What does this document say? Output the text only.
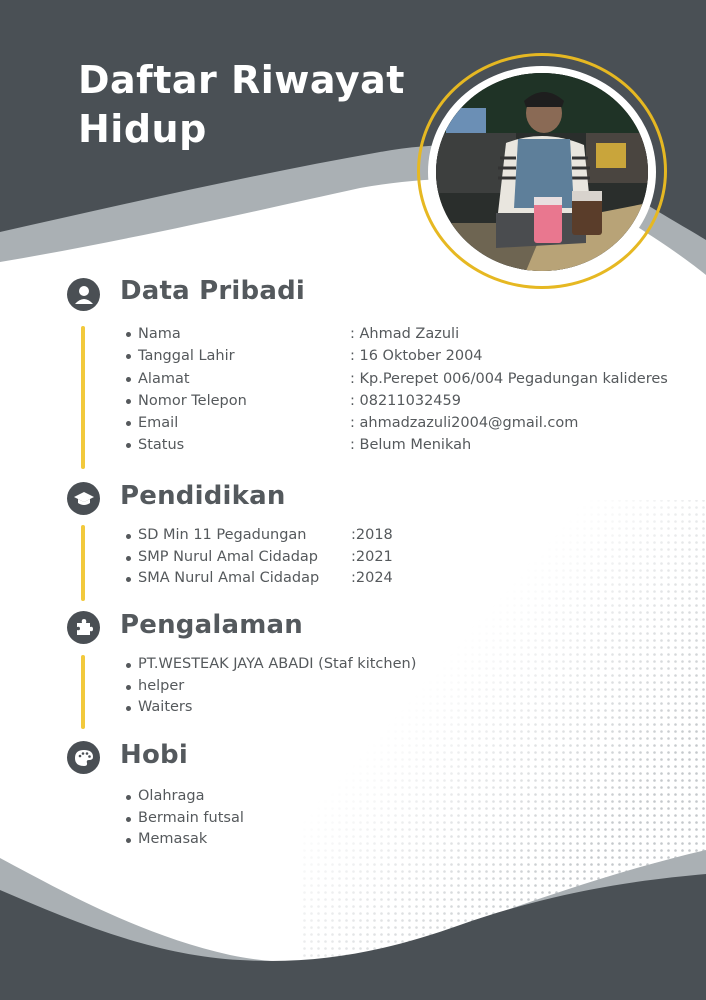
Daftar Riwayat
Hidup
Data Pribadi
Nama
Tanggal Lahir
Alamat
Nomor Telepon
Email
Status
: Ahmad Zazuli
: 16 Oktober 2004
: Kp.Perepet 006/004 Pegadungan kalideres
: 08211032459
: ahmadzazuli2004@gmail.com
: Belum Menikah
Pendidikan
SD Min 11 Pegadungan
SMP Nurul Amal Cidadap
SMA Nurul Amal Cidadap
:2018
:2021
:2024
Pengalaman
PT.WESTEAK JAYA ABADI (Staf kitchen)
helper
Waiters
Hobi
Olahraga
Bermain futsal
Memasak
